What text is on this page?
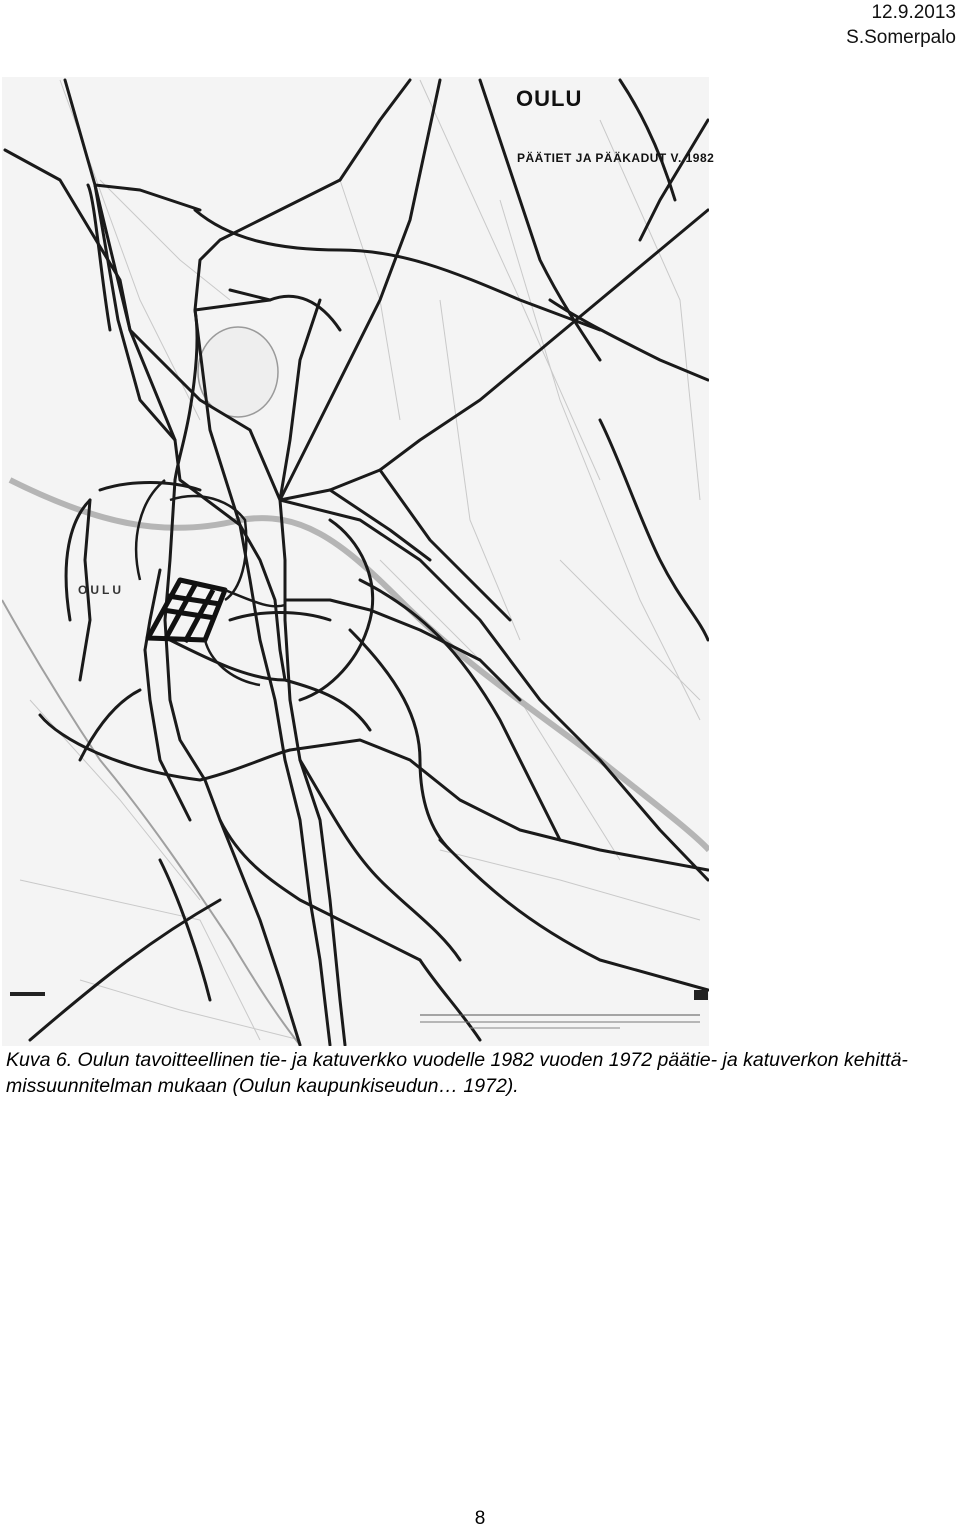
12.9.2013
S.Somerpalo
OULU
PÄÄTIET JA PÄÄKADUT V. 1982
OULU
Kuva 6. Oulun tavoitteellinen tie- ja katuverkko vuodelle 1982 vuoden 1972 päätie- ja katuverkon kehittä-
missuunnitelman mukaan (Oulun kaupunkiseudun… 1972).
8
